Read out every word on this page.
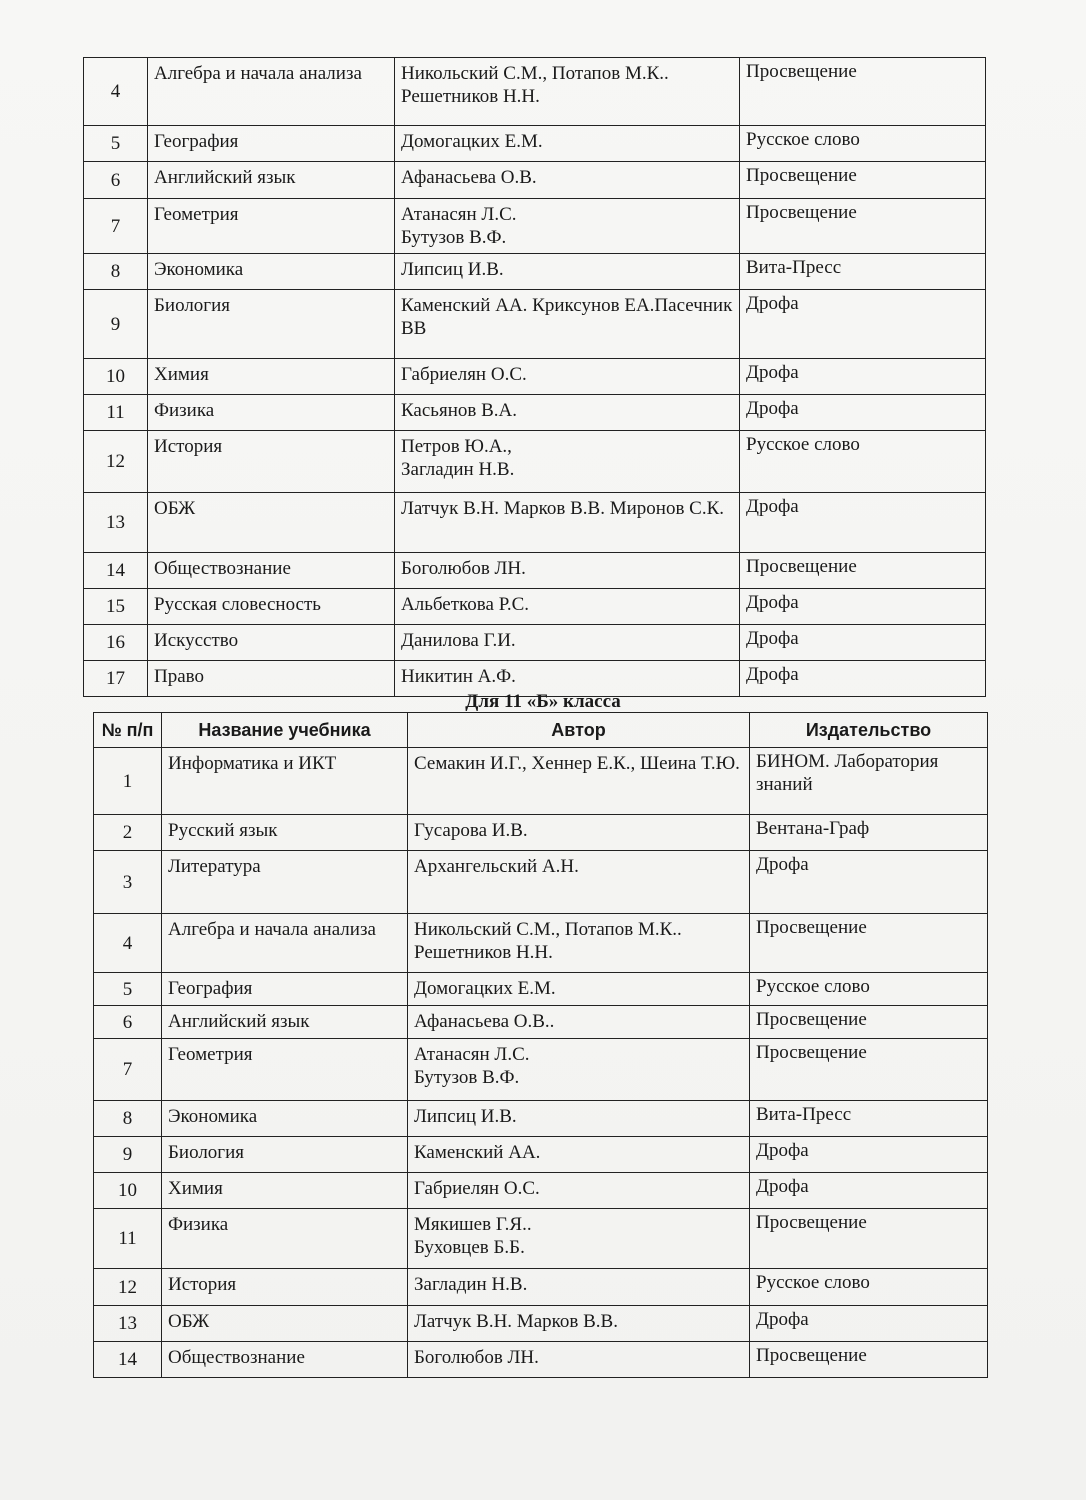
4	Алгебра и начала анализа	Никольский С.М., Потапов М.К..
Решетников Н.Н.	Просвещение
5	География	Домогацких Е.М.	Русское слово
6	Английский язык	Афанасьева О.В.	Просвещение
7	Геометрия	Атанасян Л.С.
Бутузов В.Ф.	Просвещение
8	Экономика	Липсиц И.В.	Вита-Пресс
9	Биология	Каменский АА. Криксунов ЕА.Пасечник ВВ	Дрофа
10	Химия	Габриелян О.С.	Дрофа
11	Физика	Касьянов В.А.	Дрофа
12	История	Петров Ю.А.,
Загладин Н.В.	Русское слово
13	ОБЖ	Латчук В.Н. Марков В.В. Миронов С.К.	Дрофа
14	Обществознание	Боголюбов ЛН.	Просвещение
15	Русская словесность	Альбеткова Р.С.	Дрофа
16	Искусство	Данилова Г.И.	Дрофа
17	Право	Никитин А.Ф.	Дрофа
Для 11 «Б» класса
№ п/п	Название учебника	Автор	Издательство
1	Информатика и ИКТ	Семакин И.Г., Хеннер Е.К., Шеина Т.Ю.	БИНОМ. Лаборатория знаний
2	Русский язык	Гусарова И.В.	Вентана-Граф
3	Литература	Архангельский А.Н.	Дрофа
4	Алгебра и начала анализа	Никольский С.М., Потапов М.К..
Решетников Н.Н.	Просвещение
5	География	Домогацких Е.М.	Русское слово
6	Английский язык	Афанасьева О.В..	Просвещение
7	Геометрия	Атанасян Л.С.
Бутузов В.Ф.	Просвещение
8	Экономика	Липсиц И.В.	Вита-Пресс
9	Биология	Каменский АА.	Дрофа
10	Химия	Габриелян О.С.	Дрофа
11	Физика	Мякишев Г.Я..
Буховцев Б.Б.	Просвещение
12	История	Загладин Н.В.	Русское слово
13	ОБЖ	Латчук В.Н. Марков В.В.	Дрофа
14	Обществознание	Боголюбов ЛН.	Просвещение
